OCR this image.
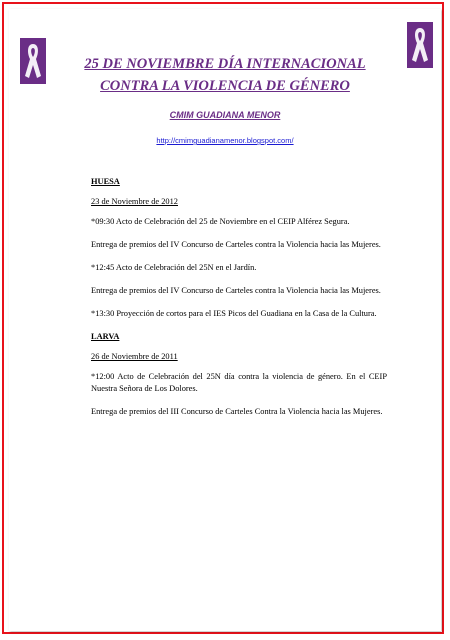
25 DE NOVIEMBRE DÍA INTERNACIONAL
CONTRA LA VIOLENCIA DE GÉNERO
CMIM GUADIANA MENOR
http://cmimguadianamenor.blogspot.com/
HUESA
23 de Noviembre de 2012

*09:30 Acto de Celebración del 25 de Noviembre en el CEIP Alférez Segura.

Entrega de premios del IV Concurso de Carteles contra la Violencia hacia las Mujeres.

*12:45 Acto de Celebración del 25N en el Jardín.

Entrega de premios del IV Concurso de Carteles contra la Violencia hacia las Mujeres.

*13:30 Proyección de cortos para el IES Picos del Guadiana en la Casa de la Cultura.

LARVA
26 de Noviembre de 2011

*12:00 Acto de Celebración del 25N día contra la violencia de género. En el CEIP Nuestra Señora de Los Dolores.

Entrega de premios del III Concurso de Carteles Contra la Violencia hacia las Mujeres.
